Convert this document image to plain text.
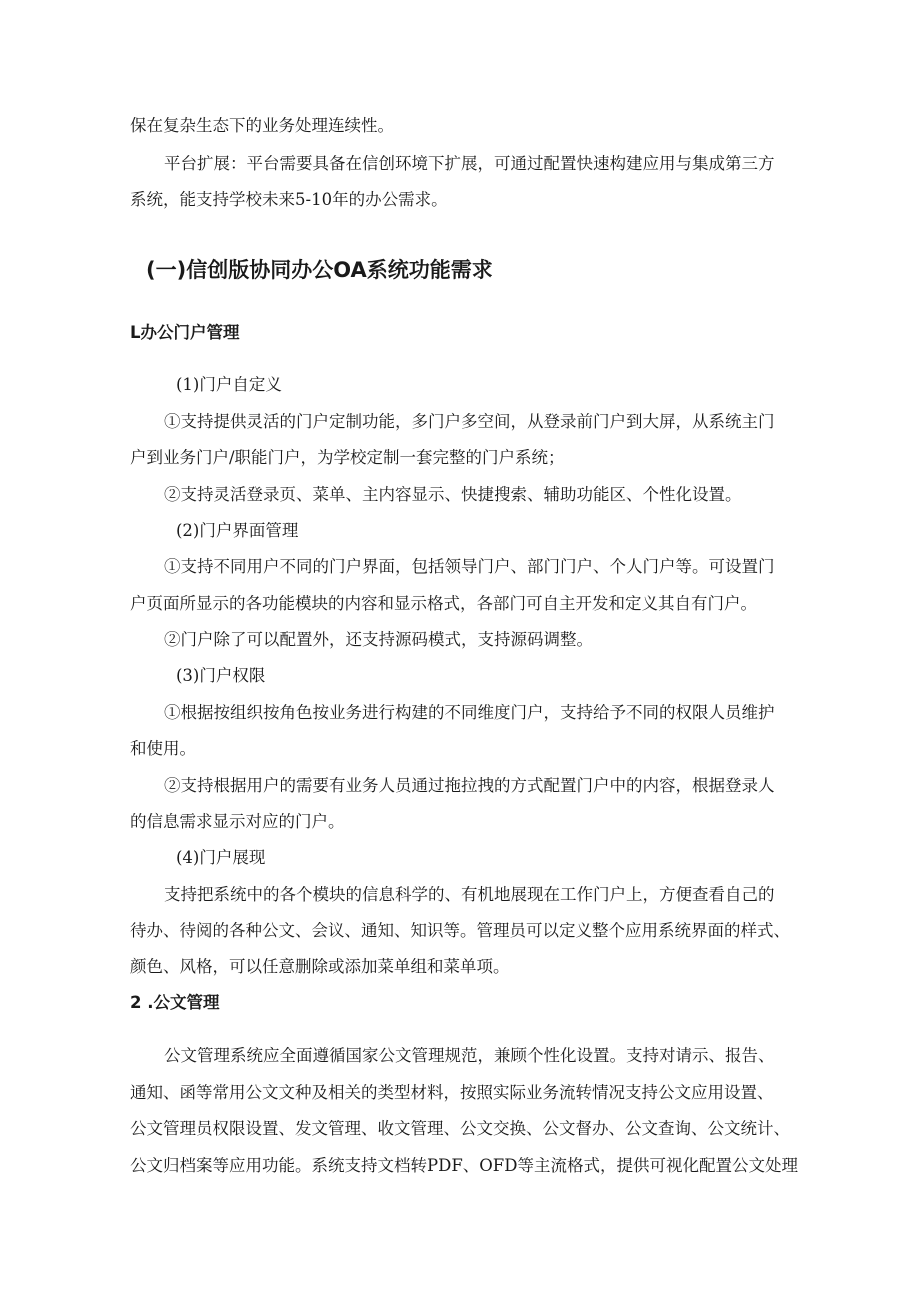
保在复杂生态下的业务处理连续性。
平台扩展：平台需要具备在信创环境下扩展，可通过配置快速构建应用与集成第三方
系统，能支持学校未来5-10年的办公需求。
(一)信创版协同办公OA系统功能需求
L办公门户管理
(1)门户自定义
①支持提供灵活的门户定制功能，多门户多空间，从登录前门户到大屏，从系统主门
户到业务门户/职能门户，为学校定制一套完整的门户系统；
②支持灵活登录页、菜单、主内容显示、快捷搜索、辅助功能区、个性化设置。
(2)门户界面管理
①支持不同用户不同的门户界面，包括领导门户、部门门户、个人门户等。可设置门
户页面所显示的各功能模块的内容和显示格式，各部门可自主开发和定义其自有门户。
②门户除了可以配置外，还支持源码模式，支持源码调整。
(3)门户权限
①根据按组织按角色按业务进行构建的不同维度门户，支持给予不同的权限人员维护
和使用。
②支持根据用户的需要有业务人员通过拖拉拽的方式配置门户中的内容，根据登录人
的信息需求显示对应的门户。
(4)门户展现
支持把系统中的各个模块的信息科学的、有机地展现在工作门户上，方便查看自己的
待办、待阅的各种公文、会议、通知、知识等。管理员可以定义整个应用系统界面的样式、
颜色、风格，可以任意删除或添加菜单组和菜单项。
2 .公文管理
公文管理系统应全面遵循国家公文管理规范，兼顾个性化设置。支持对请示、报告、
通知、函等常用公文文种及相关的类型材料，按照实际业务流转情况支持公文应用设置、
公文管理员权限设置、发文管理、收文管理、公文交换、公文督办、公文查询、公文统计、
公文归档案等应用功能。系统支持文档转PDF、OFD等主流格式，提供可视化配置公文处理
